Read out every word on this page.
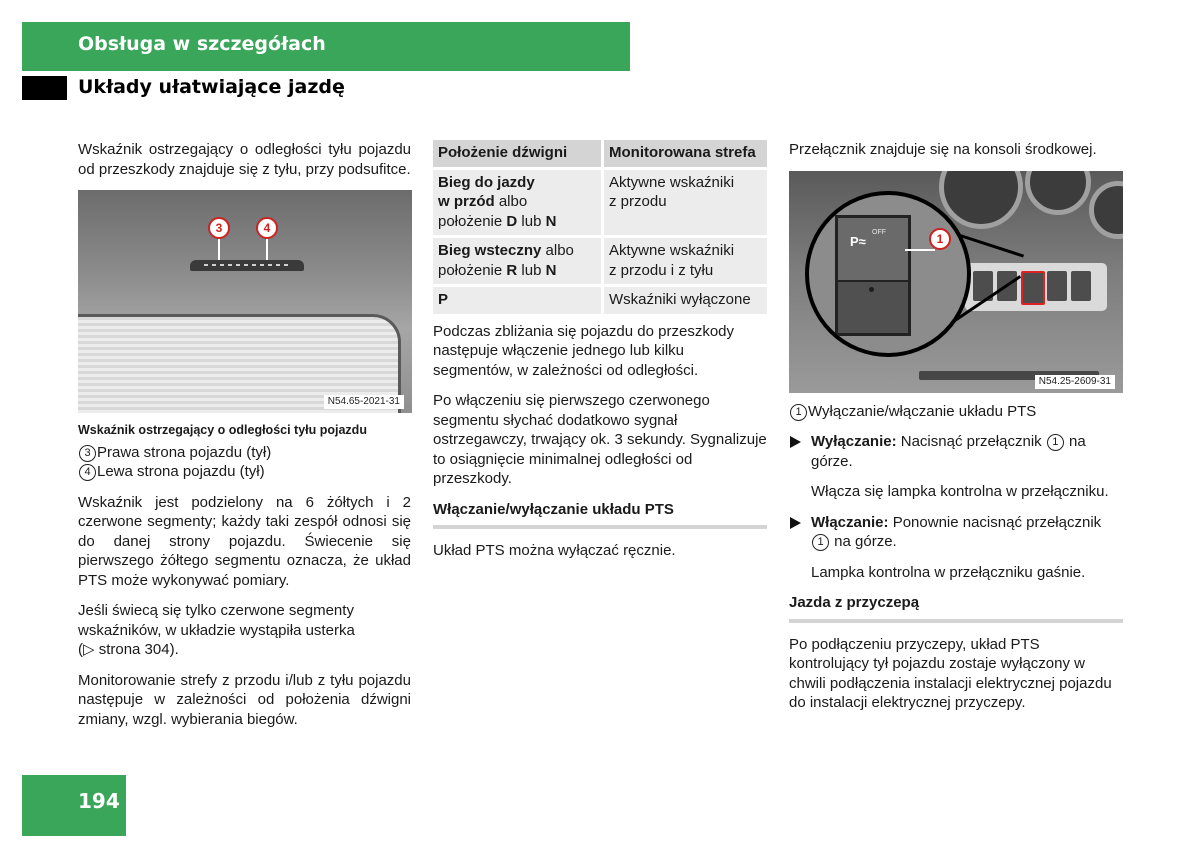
Obsługa w szczegółach
Układy ułatwiające jazdę

Wskaźnik ostrzegający o odległości tyłu pojazdu od przeszkody znajduje się z tyłu, przy podsufitce.

3	4
N54.65-2021-31

Wskaźnik ostrzegający o odległości tyłu pojazdu

3 Prawa strona pojazdu (tył)

4 Lewa strona pojazdu (tył)

Wskaźnik jest podzielony na 6 żółtych i 2 czerwone segmenty; każdy taki zespół odnosi się do danej strony pojazdu. Świecenie się pierwszego żółtego segmentu oznacza, że układ PTS może wykonywać pomiary.

Jeśli świecą się tylko czerwone segmenty wskaźników, w układzie wystąpiła usterka
(▷ strona 304).

Monitorowanie strefy z przodu i/lub z tyłu pojazdu następuje w zależności od położenia dźwigni zmiany, wzgl. wybierania biegów.

Położenie dźwigni	Monitorowana strefa
Bieg do jazdy
w przód albo
położenie D lub N	Aktywne wskaźniki
z przodu
Bieg wsteczny albo
położenie R lub N	Aktywne wskaźniki
z przodu i z tyłu
P	Wskaźniki wyłączone

Podczas zbliżania się pojazdu do przeszkody następuje włączenie jednego lub kilku segmentów, w zależności od odległości.

Po włączeniu się pierwszego czerwonego segmentu słychać dodatkowo sygnał ostrzegawczy, trwający ok. 3 sekundy. Sygnalizuje to osiągnięcie minimalnej odległości od przeszkody.

Włączanie/wyłączanie układu PTS

Układ PTS można wyłączać ręcznie.

Przełącznik znajduje się na konsoli środkowej.

OFF
P≈	1
N54.25-2609-31

1 Wyłączanie/włączanie układu PTS

Wyłączanie: Nacisnąć przełącznik 1 na górze.

Włącza się lampka kontrolna w przełączniku.

Włączanie: Ponownie nacisnąć przełącznik 1 na górze.

Lampka kontrolna w przełączniku gaśnie.

Jazda z przyczepą

Po podłączeniu przyczepy, układ PTS kontrolujący tył pojazdu zostaje wyłączony w chwili podłączenia instalacji elektrycznej pojazdu do instalacji elektrycznej przyczepy.

194
